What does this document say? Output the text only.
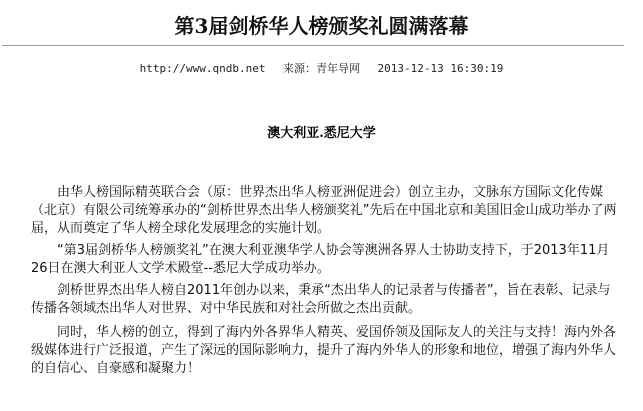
第3届剑桥华人榜颁奖礼圆满落幕
http://www.qndb.net 来源：青年导网 2013-12-13 16:30:19
澳大利亚.悉尼大学

由华人榜国际精英联合会（原：世界杰出华人榜亚洲促进会）创立主办，文脉东方国际文化传媒（北京）有限公司统筹承办的“剑桥世界杰出华人榜颁奖礼”先后在中国北京和美国旧金山成功举办了两届，从而奠定了华人榜全球化发展理念的实施计划。

“第3届剑桥华人榜颁奖礼”在澳大利亚澳华学人协会等澳洲各界人士协助支持下，于2013年11月26日在澳大利亚人文学术殿堂--悉尼大学成功举办。

剑桥世界杰出华人榜自2011年创办以来，秉承“杰出华人的记录者与传播者”，旨在表彰、记录与传播各领域杰出华人对世界、对中华民族和对社会所做之杰出贡献。

同时，华人榜的创立，得到了海内外各界华人精英、爱国侨领及国际友人的关注与支持！海内外各级媒体进行广泛报道，产生了深远的国际影响力，提升了海内外华人的形象和地位，增强了海内外华人的自信心、自豪感和凝聚力！
